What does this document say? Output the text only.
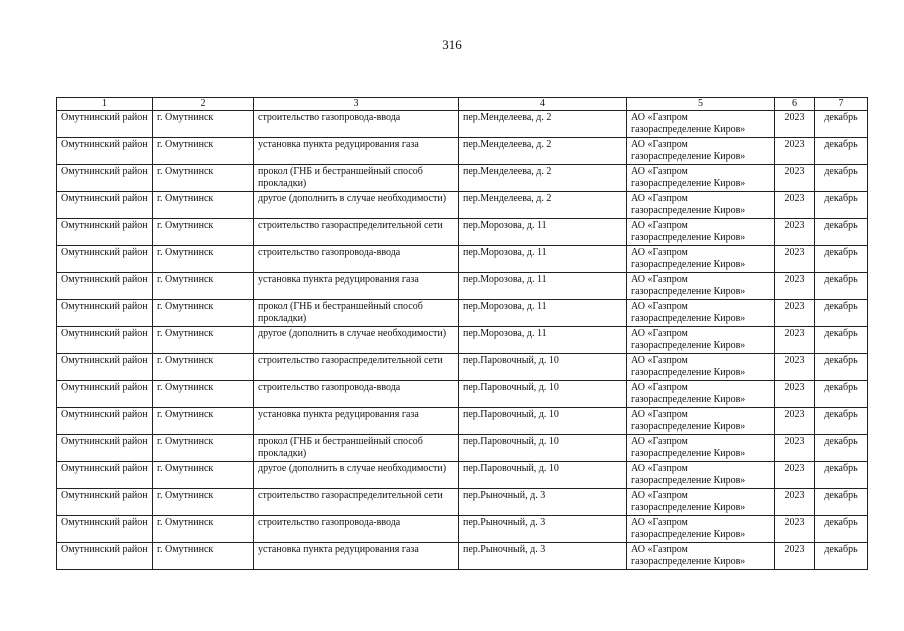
316
1	2	3	4	5	6	7
Омутнинский район	г. Омутнинск	строительство газопровода-ввода	пер.Менделеева, д. 2	АО «Газпром газораспределение Киров»	2023	декабрь
Омутнинский район	г. Омутнинск	установка пункта редуцирования газа	пер.Менделеева, д. 2	АО «Газпром газораспределение Киров»	2023	декабрь
Омутнинский район	г. Омутнинск	прокол (ГНБ и бестраншейный способ прокладки)	пер.Менделеева, д. 2	АО «Газпром газораспределение Киров»	2023	декабрь
Омутнинский район	г. Омутнинск	другое (дополнить в случае необходимости)	пер.Менделеева, д. 2	АО «Газпром газораспределение Киров»	2023	декабрь
Омутнинский район	г. Омутнинск	строительство газораспределительной сети	пер.Морозова, д. 11	АО «Газпром газораспределение Киров»	2023	декабрь
Омутнинский район	г. Омутнинск	строительство газопровода-ввода	пер.Морозова, д. 11	АО «Газпром газораспределение Киров»	2023	декабрь
Омутнинский район	г. Омутнинск	установка пункта редуцирования газа	пер.Морозова, д. 11	АО «Газпром газораспределение Киров»	2023	декабрь
Омутнинский район	г. Омутнинск	прокол (ГНБ и бестраншейный способ прокладки)	пер.Морозова, д. 11	АО «Газпром газораспределение Киров»	2023	декабрь
Омутнинский район	г. Омутнинск	другое (дополнить в случае необходимости)	пер.Морозова, д. 11	АО «Газпром газораспределение Киров»	2023	декабрь
Омутнинский район	г. Омутнинск	строительство газораспределительной сети	пер.Паровочный, д. 10	АО «Газпром газораспределение Киров»	2023	декабрь
Омутнинский район	г. Омутнинск	строительство газопровода-ввода	пер.Паровочный, д. 10	АО «Газпром газораспределение Киров»	2023	декабрь
Омутнинский район	г. Омутнинск	установка пункта редуцирования газа	пер.Паровочный, д. 10	АО «Газпром газораспределение Киров»	2023	декабрь
Омутнинский район	г. Омутнинск	прокол (ГНБ и бестраншейный способ прокладки)	пер.Паровочный, д. 10	АО «Газпром газораспределение Киров»	2023	декабрь
Омутнинский район	г. Омутнинск	другое (дополнить в случае необходимости)	пер.Паровочный, д. 10	АО «Газпром газораспределение Киров»	2023	декабрь
Омутнинский район	г. Омутнинск	строительство газораспределительной сети	пер.Рыночный, д. 3	АО «Газпром газораспределение Киров»	2023	декабрь
Омутнинский район	г. Омутнинск	строительство газопровода-ввода	пер.Рыночный, д. 3	АО «Газпром газораспределение Киров»	2023	декабрь
Омутнинский район	г. Омутнинск	установка пункта редуцирования газа	пер.Рыночный, д. 3	АО «Газпром газораспределение Киров»	2023	декабрь
